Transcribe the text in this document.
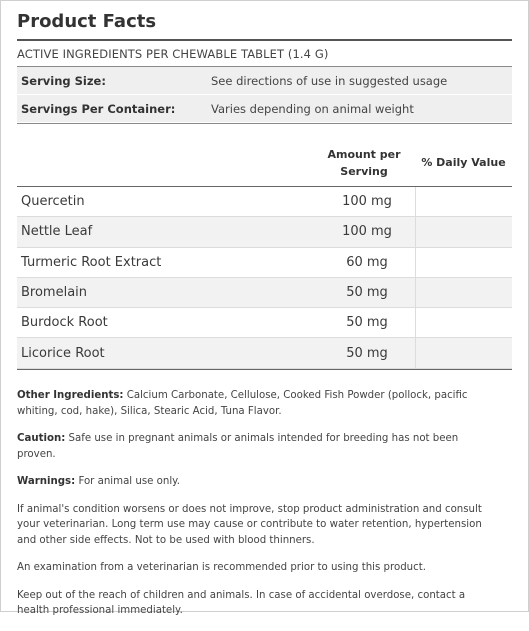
Product Facts
ACTIVE INGREDIENTS PER CHEWABLE TABLET (1.4 G)
Serving Size:	See directions of use in suggested usage
Servings Per Container:	Varies depending on animal weight
Amount per
Serving
% Daily Value
Quercetin	100 mg
Nettle Leaf	100 mg
Turmeric Root Extract	60 mg
Bromelain	50 mg
Burdock Root	50 mg
Licorice Root	50 mg

Other Ingredients: Calcium Carbonate, Cellulose, Cooked Fish Powder (pollock, pacific whiting, cod, hake), Silica, Stearic Acid, Tuna Flavor.

Caution: Safe use in pregnant animals or animals intended for breeding has not been proven.

Warnings: For animal use only.

If animal's condition worsens or does not improve, stop product administration and consult your veterinarian. Long term use may cause or contribute to water retention, hypertension and other side effects. Not to be used with blood thinners.

An examination from a veterinarian is recommended prior to using this product.

Keep out of the reach of children and animals. In case of accidental overdose, contact a health professional immediately.
